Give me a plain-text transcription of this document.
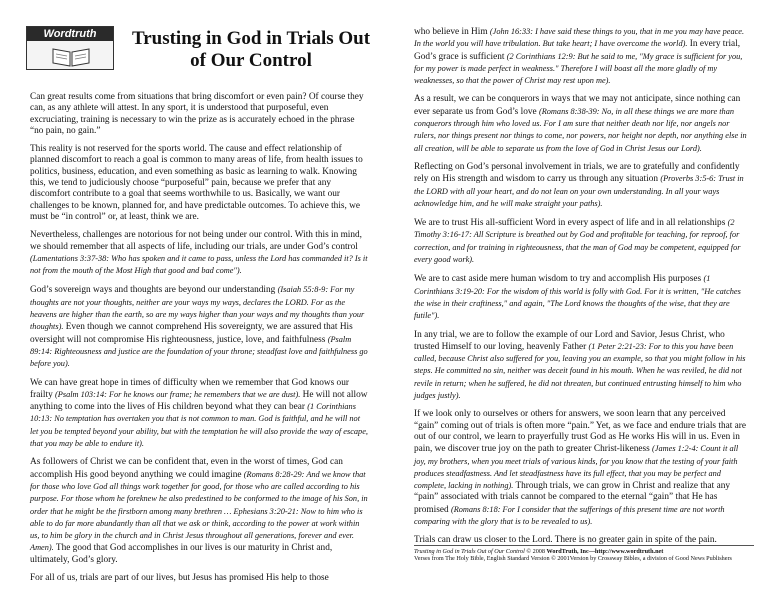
Wordtruth	Trusting in God in Trials Out
of Our Control

Can great results come from situations that bring discomfort or even pain? Of course they can, as any athlete will attest. In any sport, it is understood that purposeful, even excruciating, training is necessary to win the prize as is accurately echoed in the phrase “no pain, no gain.”

This reality is not reserved for the sports world. The cause and effect relationship of planned discomfort to reach a goal is common to many areas of life, from health issues to politics, business, education, and even something as basic as learning to walk. Knowing this, we tend to judiciously choose “purposeful” pain, because we prefer that any discomfort contribute to a goal that seems worthwhile to us. Basically, we want our challenges to be known, planned for, and have predictable outcomes. To achieve this, we must be “in control” or, at least, think we are.

Nevertheless, challenges are notorious for not being under our control. With this in mind, we should remember that all aspects of life, including our trials, are under God’s control (Lamentations 3:37-38: Who has spoken and it came to pass, unless the Lord has commanded it? Is it not from the mouth of the Most High that good and bad come").

God’s sovereign ways and thoughts are beyond our understanding (Isaiah 55:8-9: For my thoughts are not your thoughts, neither are your ways my ways, declares the LORD. For as the heavens are higher than the earth, so are my ways higher than your ways and my thoughts than your thoughts). Even though we cannot comprehend His sovereignty, we are assured that His oversight will not compromise His righteousness, justice, love, and faithfulness (Psalm 89:14: Righteousness and justice are the foundation of your throne; steadfast love and faithfulness go before you).

We can have great hope in times of difficulty when we remember that God knows our frailty (Psalm 103:14: For he knows our frame; he remembers that we are dust). He will not allow anything to come into the lives of His children beyond what they can bear (1 Corinthians 10:13: No temptation has overtaken you that is not common to man. God is faithful, and he will not let you be tempted beyond your ability, but with the temptation he will also provide the way of escape, that you may be able to endure it).

As followers of Christ we can be confident that, even in the worst of times, God can accomplish His good beyond anything we could imagine (Romans 8:28-29: And we know that for those who love God all things work together for good, for those who are called according to his purpose. For those whom he foreknew he also predestined to be conformed to the image of his Son, in order that he might be the firstborn among many brethren … Ephesians 3:20-21: Now to him who is able to do far more abundantly than all that we ask or think, according to the power at work within us, to him be glory in the church and in Christ Jesus throughout all generations, forever and ever. Amen). The good that God accomplishes in our lives is our maturity in Christ and, ultimately, God’s glory.

For all of us, trials are part of our lives, but Jesus has promised His help to those

who believe in Him (John 16:33: I have said these things to you, that in me you may have peace. In the world you will have tribulation. But take heart; I have overcome the world). In every trial, God’s grace is sufficient (2 Corinthians 12:9: But he said to me, "My grace is sufficient for you, for my power is made perfect in weakness." Therefore I will boast all the more gladly of my weaknesses, so that the power of Christ may rest upon me).

As a result, we can be conquerors in ways that we may not anticipate, since nothing can ever separate us from God’s love (Romans 8:38-39: No, in all these things we are more than conquerors through him who loved us. For I am sure that neither death nor life, nor angels nor rulers, nor things present nor things to come, nor powers, nor height nor depth, nor anything else in all creation, will be able to separate us from the love of God in Christ Jesus our Lord).

Reflecting on God’s personal involvement in trials, we are to gratefully and confidently rely on His strength and wisdom to carry us through any situation (Proverbs 3:5-6: Trust in the LORD with all your heart, and do not lean on your own understanding. In all your ways acknowledge him, and he will make straight your paths).

We are to trust His all-sufficient Word in every aspect of life and in all relationships (2 Timothy 3:16-17: All Scripture is breathed out by God and profitable for teaching, for reproof, for correction, and for training in righteousness, that the man of God may be competent, equipped for every good work).

We are to cast aside mere human wisdom to try and accomplish His purposes (1 Corinthians 3:19-20: For the wisdom of this world is folly with God. For it is written, "He catches the wise in their craftiness," and again, "The Lord knows the thoughts of the wise, that they are futile").

In any trial, we are to follow the example of our Lord and Savior, Jesus Christ, who trusted Himself to our loving, heavenly Father (1 Peter 2:21-23: For to this you have been called, because Christ also suffered for you, leaving you an example, so that you might follow in his steps. He committed no sin, neither was deceit found in his mouth. When he was reviled, he did not revile in return; when he suffered, he did not threaten, but continued entrusting himself to him who judges justly).

If we look only to ourselves or others for answers, we soon learn that any perceived “gain” coming out of trials is often more “pain.” Yet, as we face and endure trials that are out of our control, we learn to prayerfully trust God as He works His will in us. Even in pain, we discover true joy on the path to greater Christ-likeness (James 1:2-4: Count it all joy, my brothers, when you meet trials of various kinds, for you know that the testing of your faith produces steadfastness. And let steadfastness have its full effect, that you may be perfect and complete, lacking in nothing). Through trials, we can grow in Christ and realize that any “pain” associated with trials cannot be compared to the eternal “gain” that He has promised (Romans 8:18: For I consider that the sufferings of this present time are not worth comparing with the glory that is to be revealed to us).

Trials can draw us closer to the Lord. There is no greater gain in spite of the pain.

Trusting in God in Trials Out of Our Control © 2008 WordTruth, Inc—http://www.wordtruth.net
Verses from The Holy Bible, English Standard Version © 2001Version by Crossway Bibles, a division of Good News Publishers
